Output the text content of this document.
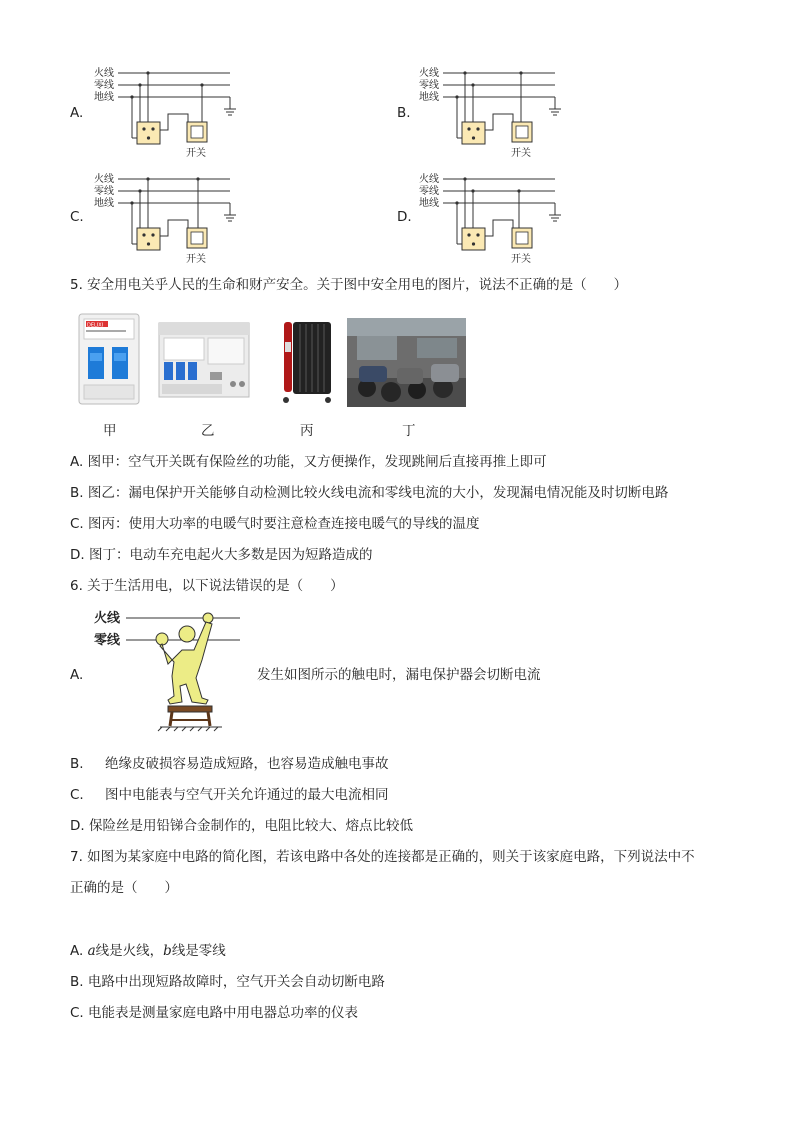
A.
火线
零线
地线
开关
B.
火线
零线
地线
开关
C.
火线
零线
地线
开关
D.
火线
零线
地线
开关
5. 安全用电关乎人民的生命和财产安全。关于图中安全用电的图片，说法不正确的是（　　）
DELIXI
甲	乙	丙	丁
A. 图甲：空气开关既有保险丝的功能，又方便操作，发现跳闸后直接再推上即可
B. 图乙：漏电保护开关能够自动检测比较火线电流和零线电流的大小，发现漏电情况能及时切断电路
C. 图丙：使用大功率的电暖气时要注意检查连接电暖气的导线的温度
D. 图丁：电动车充电起火大多数是因为短路造成的
6. 关于生活用电，以下说法错误的是（　　）
A.
火线
零线
发生如图所示的触电时，漏电保护器会切断电流
B. 绝缘皮破损容易造成短路，也容易造成触电事故
C. 图中电能表与空气开关允许通过的最大电流相同
D. 保险丝是用铅锑合金制作的，电阻比较大、熔点比较低
7. 如图为某家庭中电路的简化图，若该电路中各处的连接都是正确的，则关于该家庭电路，下列说法中不
正确的是（　　）
A. a线是火线，b线是零线
B. 电路中出现短路故障时，空气开关会自动切断电路
C. 电能表是测量家庭电路中用电器总功率的仪表
